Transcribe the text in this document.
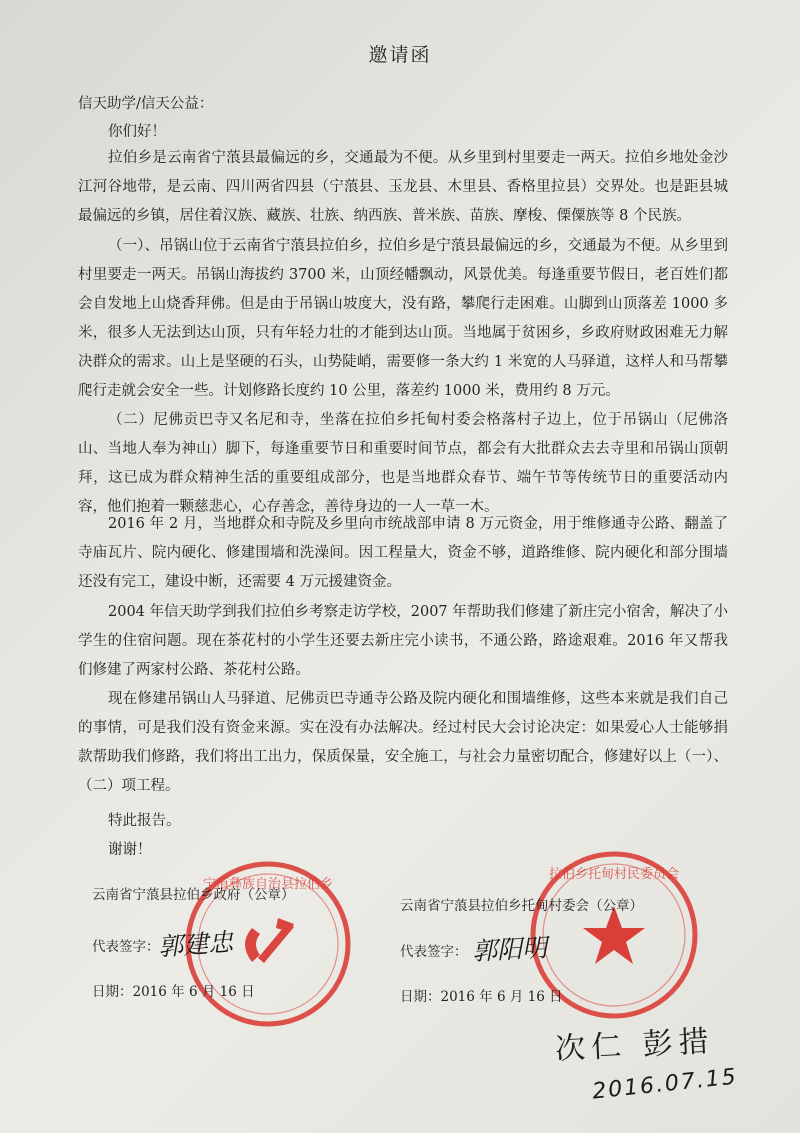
邀请函
信天助学/信天公益：
你们好！

拉伯乡是云南省宁蒗县最偏远的乡，交通最为不便。从乡里到村里要走一两天。拉伯乡地处金沙江河谷地带，是云南、四川两省四县（宁蒗县、玉龙县、木里县、香格里拉县）交界处。也是距县城最偏远的乡镇，居住着汉族、藏族、壮族、纳西族、普米族、苗族、摩梭、傈僳族等 8 个民族。

（一）、吊锅山位于云南省宁蒗县拉伯乡，拉伯乡是宁蒗县最偏远的乡，交通最为不便。从乡里到村里要走一两天。吊锅山海拔约 3700 米，山顶经幡飘动，风景优美。每逢重要节假日，老百姓们都会自发地上山烧香拜佛。但是由于吊锅山坡度大，没有路，攀爬行走困难。山脚到山顶落差 1000 多米，很多人无法到达山顶，只有年轻力壮的才能到达山顶。当地属于贫困乡，乡政府财政困难无力解决群众的需求。山上是坚硬的石头，山势陡峭，需要修一条大约 1 米宽的人马驿道，这样人和马帮攀爬行走就会安全一些。计划修路长度约 10 公里，落差约 1000 米，费用约 8 万元。

（二）尼佛贡巴寺又名尼和寺，坐落在拉伯乡托甸村委会格落村子边上，位于吊锅山（尼佛洛山、当地人奉为神山）脚下，每逢重要节日和重要时间节点，都会有大批群众去去寺里和吊锅山顶朝拜，这已成为群众精神生活的重要组成部分，也是当地群众春节、端午节等传统节日的重要活动内容，他们抱着一颗慈悲心，心存善念，善待身边的一人一草一木。

2016 年 2 月，当地群众和寺院及乡里向市统战部申请 8 万元资金，用于维修通寺公路、翻盖了寺庙瓦片、院内硬化、修建围墙和洗澡间。因工程量大，资金不够，道路维修、院内硬化和部分围墙还没有完工，建设中断，还需要 4 万元援建资金。

2004 年信天助学到我们拉伯乡考察走访学校，2007 年帮助我们修建了新庄完小宿舍，解决了小学生的住宿问题。现在茶花村的小学生还要去新庄完小读书，不通公路，路途艰难。2016 年又帮我们修建了两家村公路、茶花村公路。

现在修建吊锅山人马驿道、尼佛贡巴寺通寺公路及院内硬化和围墙维修，这些本来就是我们自己的事情，可是我们没有资金来源。实在没有办法解决。经过村民大会讨论决定：如果爱心人士能够捐款帮助我们修路，我们将出工出力，保质保量，安全施工，与社会力量密切配合，修建好以上（一）、（二）项工程。

特此报告。
谢谢！
宁蒗彝族自治县拉伯乡
拉伯乡托甸村民委员会
云南省宁蒗县拉伯乡政府（公章）
代表签字：
郭建忠
日期：2016 年 6 月 16 日
云南省宁蒗县拉伯乡托甸村委会（公章）
代表签字： 郭阳明
日期：2016 年 6 月 16 日
次仁 彭措
2016.07.15
